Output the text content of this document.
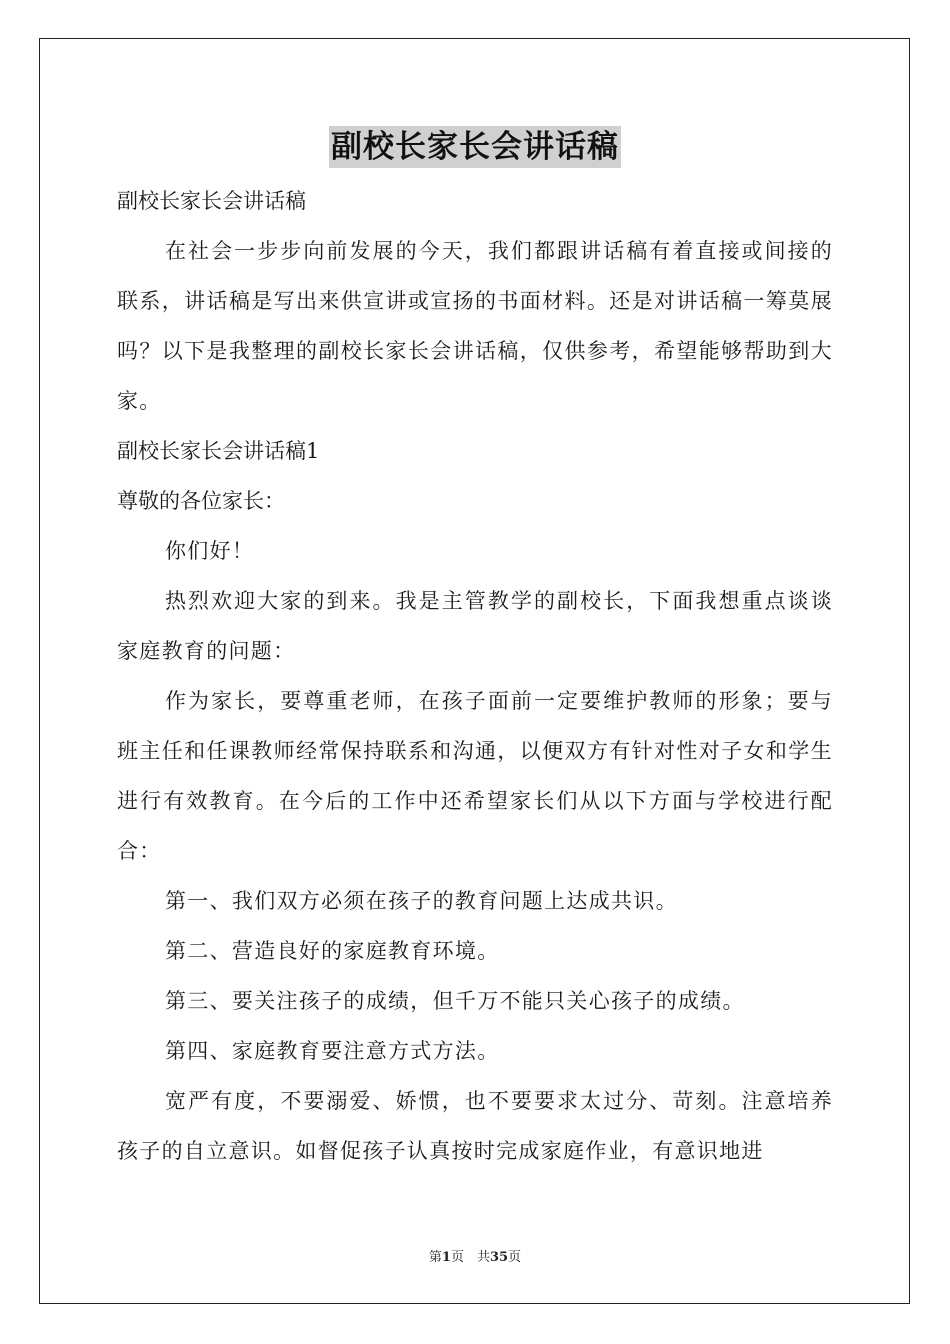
副校长家长会讲话稿

副校长家长会讲话稿

在社会一步步向前发展的今天，我们都跟讲话稿有着直接或间接的联系，讲话稿是写出来供宣讲或宣扬的书面材料。还是对讲话稿一筹莫展吗？以下是我整理的副校长家长会讲话稿，仅供参考，希望能够帮助到大家。

副校长家长会讲话稿1

尊敬的各位家长：

你们好！

热烈欢迎大家的到来。我是主管教学的副校长，下面我想重点谈谈家庭教育的问题：

作为家长，要尊重老师，在孩子面前一定要维护教师的形象；要与班主任和任课教师经常保持联系和沟通，以便双方有针对性对子女和学生进行有效教育。在今后的工作中还希望家长们从以下方面与学校进行配合：

第一、我们双方必须在孩子的教育问题上达成共识。

第二、营造良好的家庭教育环境。

第三、要关注孩子的成绩，但千万不能只关心孩子的成绩。

第四、家庭教育要注意方式方法。

宽严有度，不要溺爱、娇惯，也不要要求太过分、苛刻。注意培养孩子的自立意识。如督促孩子认真按时完成家庭作业，有意识地进

第1页　共35页
